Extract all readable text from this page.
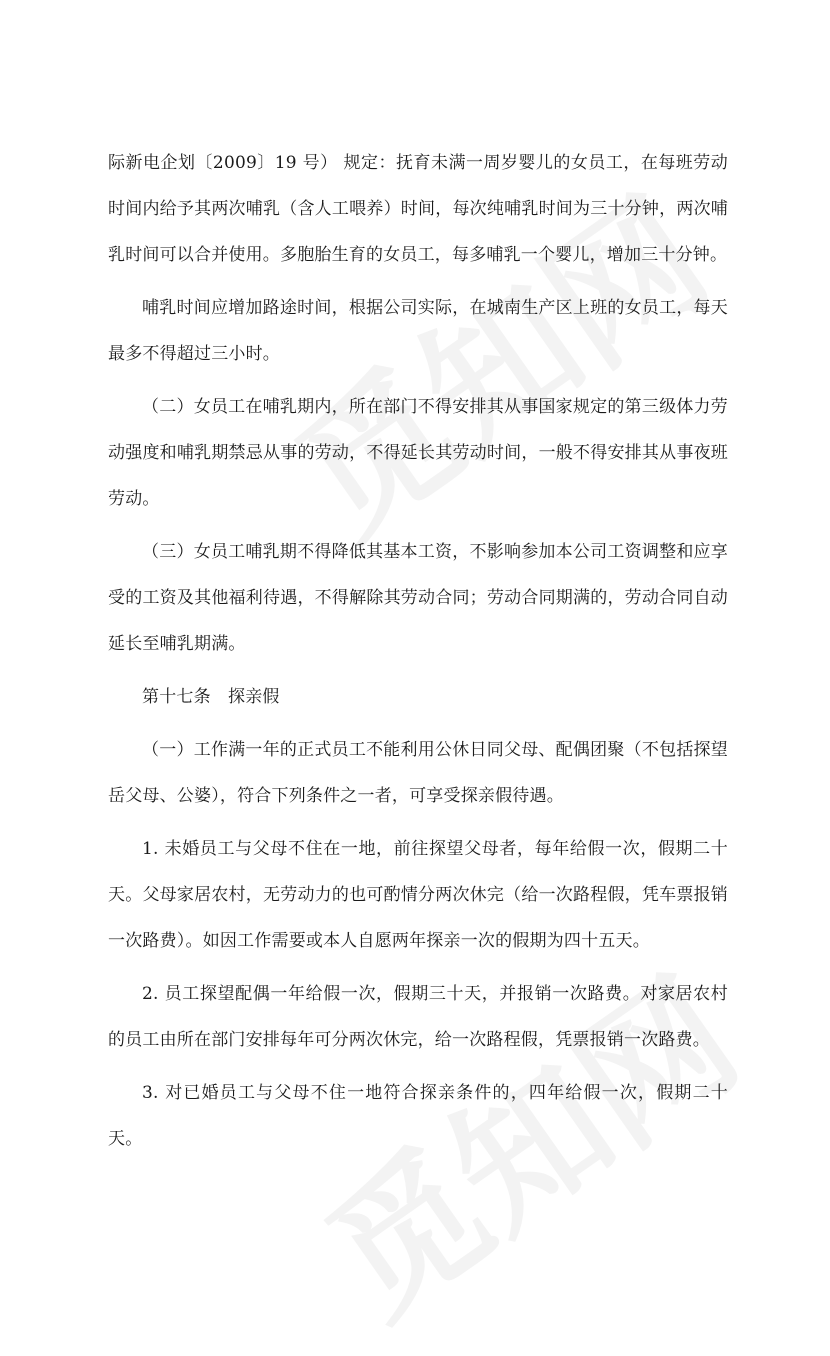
际新电企划〔2009〕19 号） 规定：抚育未满一周岁婴儿的女员工，在每班劳动时间内给予其两次哺乳（含人工喂养）时间，每次纯哺乳时间为三十分钟，两次哺乳时间可以合并使用。多胞胎生育的女员工，每多哺乳一个婴儿，增加三十分钟。

哺乳时间应增加路途时间，根据公司实际，在城南生产区上班的女员工，每天最多不得超过三小时。

（二）女员工在哺乳期内，所在部门不得安排其从事国家规定的第三级体力劳动强度和哺乳期禁忌从事的劳动，不得延长其劳动时间，一般不得安排其从事夜班劳动。

（三）女员工哺乳期不得降低其基本工资，不影响参加本公司工资调整和应享受的工资及其他福利待遇，不得解除其劳动合同；劳动合同期满的，劳动合同自动延长至哺乳期满。

第十七条　探亲假

（一）工作满一年的正式员工不能利用公休日同父母、配偶团聚（不包括探望岳父母、公婆），符合下列条件之一者，可享受探亲假待遇。

1. 未婚员工与父母不住在一地，前往探望父母者，每年给假一次，假期二十天。父母家居农村，无劳动力的也可酌情分两次休完（给一次路程假，凭车票报销一次路费）。如因工作需要或本人自愿两年探亲一次的假期为四十五天。

2. 员工探望配偶一年给假一次，假期三十天，并报销一次路费。对家居农村的员工由所在部门安排每年可分两次休完，给一次路程假，凭票报销一次路费。

3. 对已婚员工与父母不住一地符合探亲条件的，四年给假一次，假期二十天。
